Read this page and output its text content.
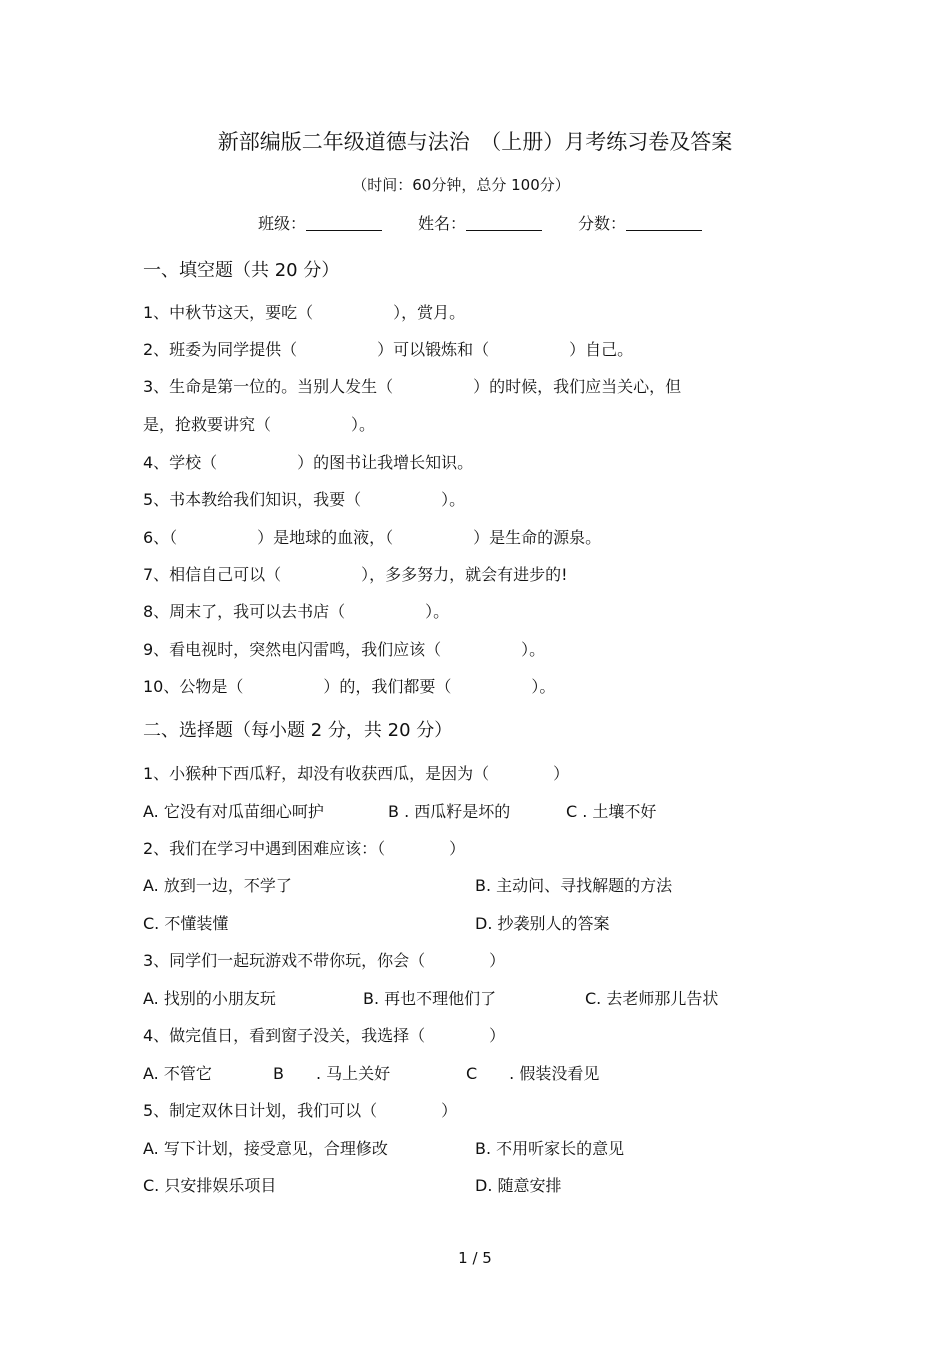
新部编版二年级道德与法治　（上册）月考练习卷及答案
（时间：60分钟，总分 100分）
班级：	姓名：	分数：
一、填空题（共 20 分）
1、中秋节这天，要吃（　　　　　），赏月。
2、班委为同学提供（　　　　　）可以锻炼和（　　　　　）自己。
3、生命是第一位的。当别人发生（　　　　　）的时候，我们应当关心，但
是，抢救要讲究（　　　　　）。
4、学校（　　　　　）的图书让我增长知识。
5、书本教给我们知识，我要（　　　　　）。
6、（　　　　　）是地球的血液，（　　　　　）是生命的源泉。
7、相信自己可以（　　　　　），多多努力，就会有进步的!
8、周末了，我可以去书店（　　　　　）。
9、看电视时，突然电闪雷鸣，我们应该（　　　　　）。
10、公物是（　　　　　）的，我们都要（　　　　　）。
二、选择题（每小题 2 分，共 20 分）
1、小猴种下西瓜籽，却没有收获西瓜，是因为（　　　　）
A. 它没有对瓜苗细心呵护	B . 西瓜籽是坏的	C . 土壤不好
2、我们在学习中遇到困难应该：（　　　　）
A. 放到一边，不学了	B. 主动问、寻找解题的方法
C. 不懂装懂	D. 抄袭别人的答案
3、同学们一起玩游戏不带你玩，你会（　　　　）
A. 找别的小朋友玩	B. 再也不理他们了	C. 去老师那儿告状
4、做完值日，看到窗子没关，我选择（　　　　）
A. 不管它	B　　. 马上关好	C　　. 假装没看见
5、制定双休日计划，我们可以（　　　　）
A. 写下计划，接受意见，合理修改	B. 不用听家长的意见
C. 只安排娱乐项目	D. 随意安排
1 / 5
